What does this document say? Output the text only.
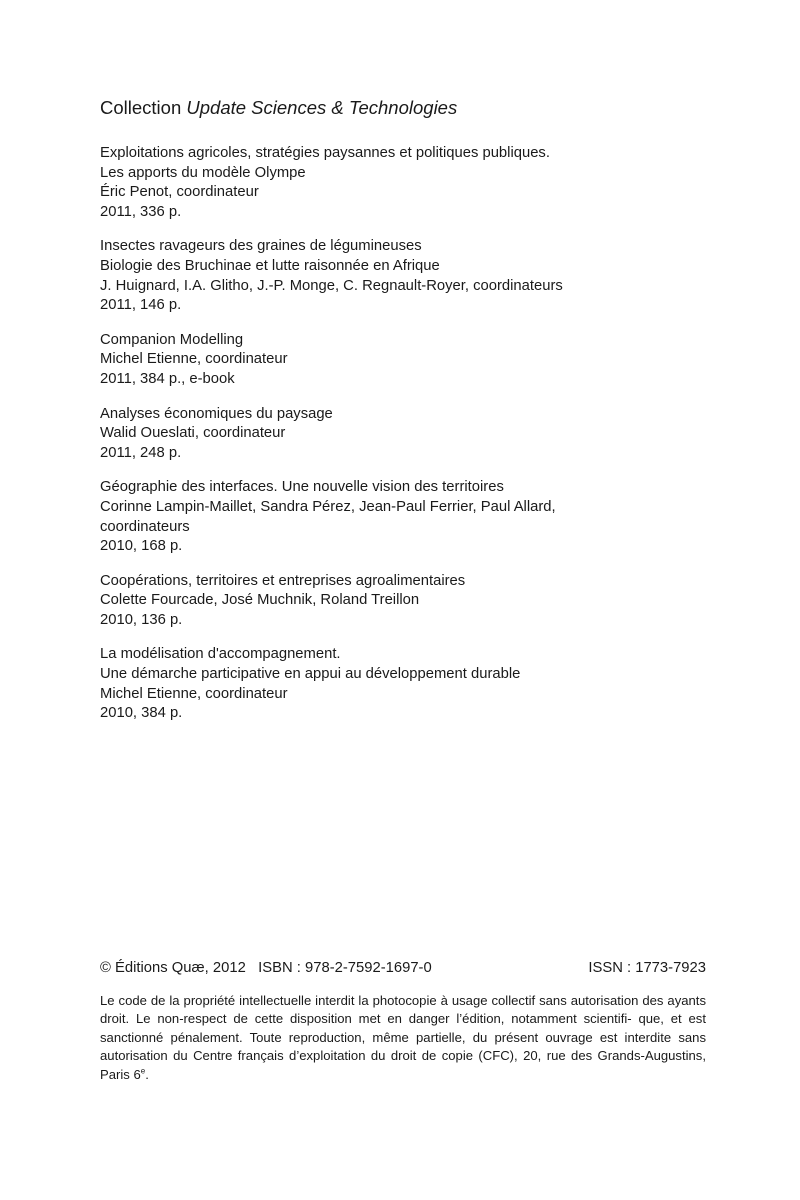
Collection Update Sciences & Technologies
Exploitations agricoles, stratégies paysannes et politiques publiques.
Les apports du modèle Olympe
Éric Penot, coordinateur
2011, 336 p.
Insectes ravageurs des graines de légumineuses
Biologie des Bruchinae et lutte raisonnée en Afrique
J. Huignard, I.A. Glitho, J.-P. Monge, C. Regnault-Royer, coordinateurs
2011, 146 p.
Companion Modelling
Michel Etienne, coordinateur
2011, 384 p., e-book
Analyses économiques du paysage
Walid Oueslati, coordinateur
2011, 248 p.
Géographie des interfaces. Une nouvelle vision des territoires
Corinne Lampin-Maillet, Sandra Pérez, Jean-Paul Ferrier, Paul Allard,
coordinateurs
2010, 168 p.
Coopérations, territoires et entreprises agroalimentaires
Colette Fourcade, José Muchnik, Roland Treillon
2010, 136 p.
La modélisation d'accompagnement.
Une démarche participative en appui au développement durable
Michel Etienne, coordinateur
2010, 384 p.
© Éditions Quæ, 2012 ISBN : 978-2-7592-1697-0	ISSN : 1773-7923
Le code de la propriété intellectuelle interdit la photocopie à usage collectif sans autorisation des ayants droit. Le non-respect de cette disposition met en danger l’édition, notamment scientifi- que, et est sanctionné pénalement. Toute reproduction, même partielle, du présent ouvrage est interdite sans autorisation du Centre français d’exploitation du droit de copie (CFC), 20, rue des Grands-Augustins, Paris 6e.
